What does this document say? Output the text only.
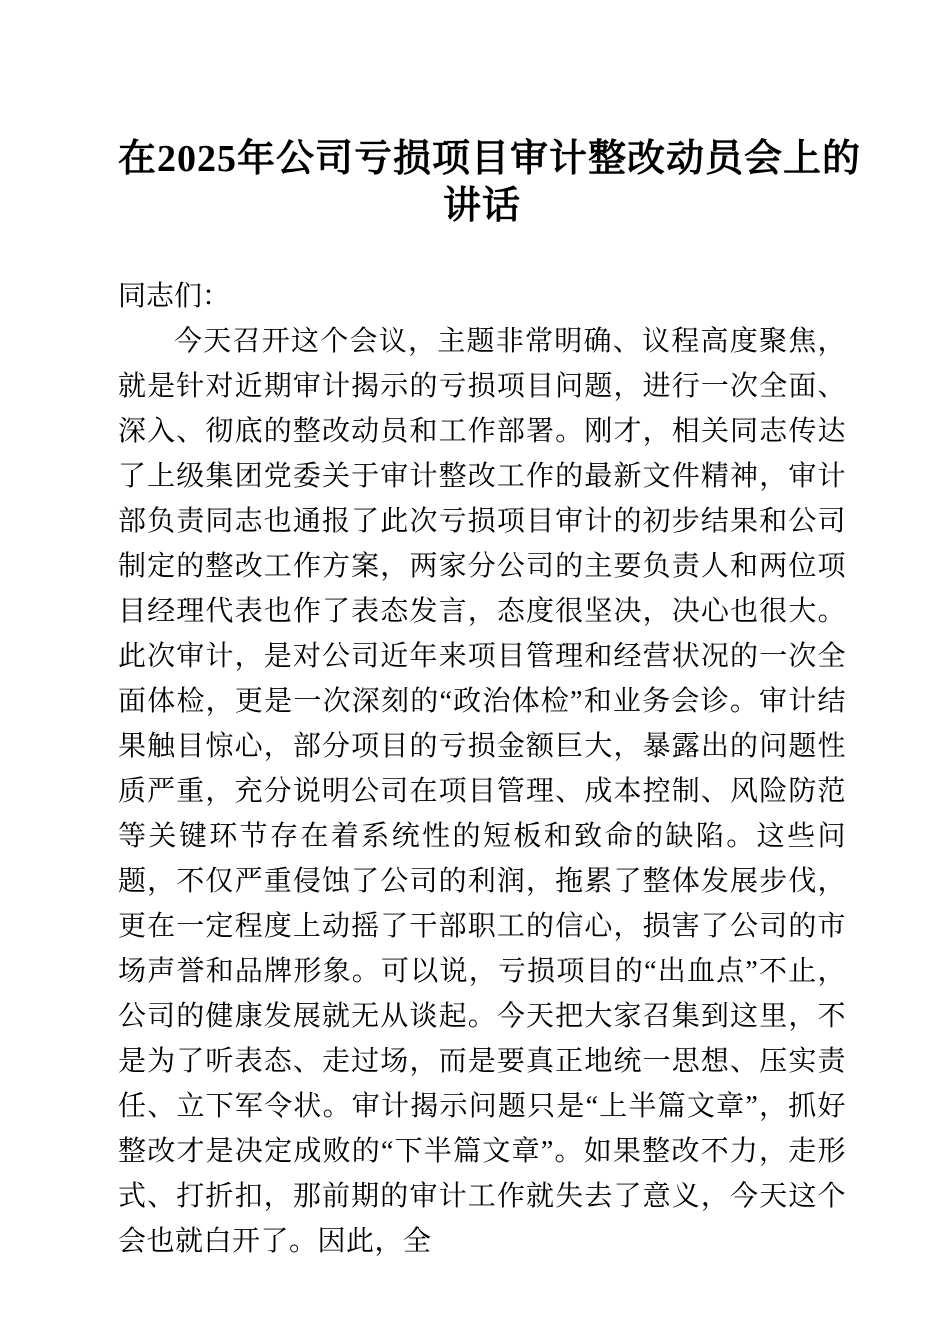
在2025年公司亏损项目审计整改动员会上的
讲话

同志们：

今天召开这个会议，主题非常明确、议程高度聚焦，就是针对近期审计揭示的亏损项目问题，进行一次全面、深入、彻底的整改动员和工作部署。刚才，相关同志传达了上级集团党委关于审计整改工作的最新文件精神，审计部负责同志也通报了此次亏损项目审计的初步结果和公司制定的整改工作方案，两家分公司的主要负责人和两位项目经理代表也作了表态发言，态度很坚决，决心也很大。此次审计，是对公司近年来项目管理和经营状况的一次全面体检，更是一次深刻的“政治体检”和业务会诊。审计结果触目惊心，部分项目的亏损金额巨大，暴露出的问题性质严重，充分说明公司在项目管理、成本控制、风险防范等关键环节存在着系统性的短板和致命的缺陷。这些问题，不仅严重侵蚀了公司的利润，拖累了整体发展步伐，更在一定程度上动摇了干部职工的信心，损害了公司的市场声誉和品牌形象。可以说，亏损项目的“出血点”不止，公司的健康发展就无从谈起。今天把大家召集到这里，不是为了听表态、走过场，而是要真正地统一思想、压实责任、立下军令状。审计揭示问题只是“上半篇文章”，抓好整改才是决定成败的“下半篇文章”。如果整改不力，走形式、打折扣，那前期的审计工作就失去了意义，今天这个会也就白开了。因此，全
